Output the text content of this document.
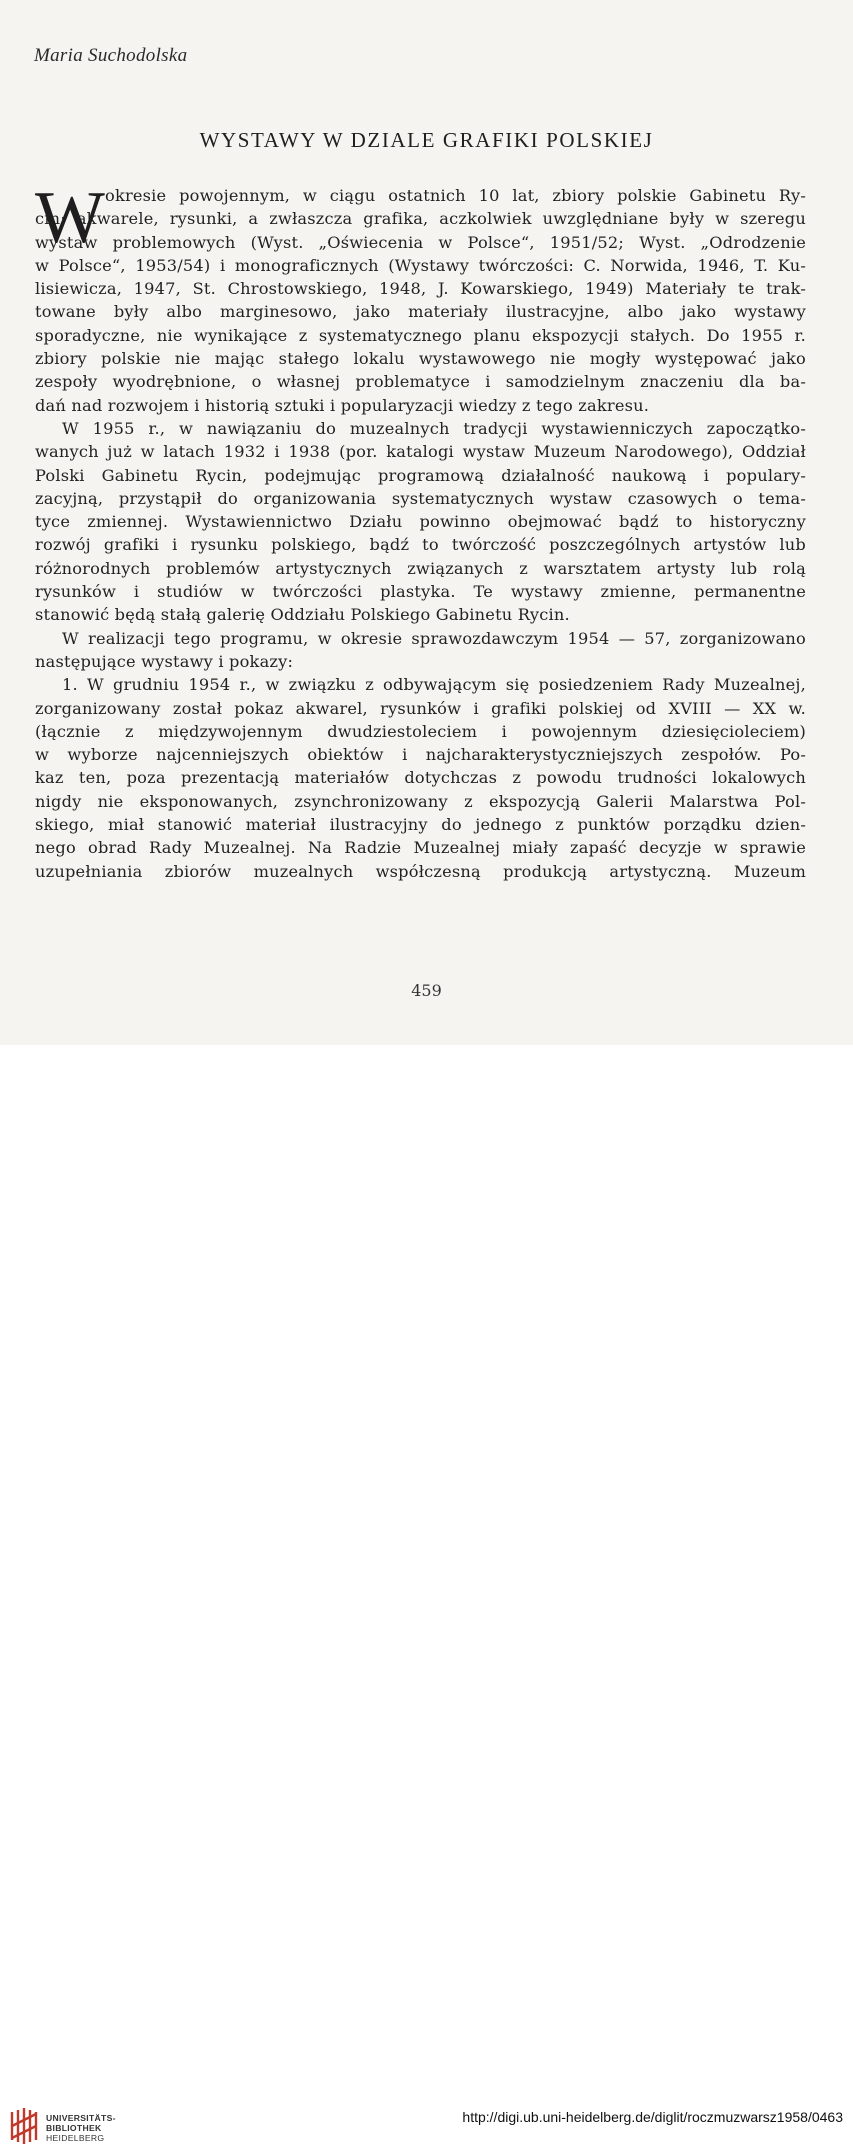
Maria Suchodolska
WYSTAWY W DZIALE GRAFIKI POLSKIEJ
W okresie powojennym, w ciągu ostatnich 10 lat, zbiory polskie Gabinetu Ry-
cin: akwarele, rysunki, a zwłaszcza grafika, aczkolwiek uwzględniane były w szeregu
wystaw problemowych (Wyst. „Oświecenia w Polsce“, 1951/52; Wyst. „Odrodzenie
w Polsce“, 1953/54) i monograficznych (Wystawy twórczości: C. Norwida, 1946, T. Ku-
lisiewicza, 1947, St. Chrostowskiego, 1948, J. Kowarskiego, 1949) Materiały te trak-
towane były albo marginesowo, jako materiały ilustracyjne, albo jako wystawy
sporadyczne, nie wynikające z systematycznego planu ekspozycji stałych. Do 1955 r.
zbiory polskie nie mając stałego lokalu wystawowego nie mogły występować jako
zespoły wyodrębnione, o własnej problematyce i samodzielnym znaczeniu dla ba-
dań nad rozwojem i historią sztuki i popularyzacji wiedzy z tego zakresu.
W 1955 r., w nawiązaniu do muzealnych tradycji wystawienniczych zapoczątko-
wanych już w latach 1932 i 1938 (por. katalogi wystaw Muzeum Narodowego), Oddział
Polski Gabinetu Rycin, podejmując programową działalność naukową i populary-
zacyjną, przystąpił do organizowania systematycznych wystaw czasowych o tema-
tyce zmiennej. Wystawiennictwo Działu powinno obejmować bądź to historyczny
rozwój grafiki i rysunku polskiego, bądź to twórczość poszczególnych artystów lub
różnorodnych problemów artystycznych związanych z warsztatem artysty lub rolą
rysunków i studiów w twórczości plastyka. Te wystawy zmienne, permanentne
stanowić będą stałą galerię Oddziału Polskiego Gabinetu Rycin.
W realizacji tego programu, w okresie sprawozdawczym 1954 — 57, zorganizowano
następujące wystawy i pokazy:
1. W grudniu 1954 r., w związku z odbywającym się posiedzeniem Rady Muzealnej,
zorganizowany został pokaz akwarel, rysunków i grafiki polskiej od XVIII — XX w.
(łącznie z międzywojennym dwudziestoleciem i powojennym dziesięcioleciem)
w wyborze najcenniejszych obiektów i najcharakterystyczniejszych zespołów. Po-
kaz ten, poza prezentacją materiałów dotychczas z powodu trudności lokalowych
nigdy nie eksponowanych, zsynchronizowany z ekspozycją Galerii Malarstwa Pol-
skiego, miał stanowić materiał ilustracyjny do jednego z punktów porządku dzien-
nego obrad Rady Muzealnej. Na Radzie Muzealnej miały zapaść decyzje w sprawie
uzupełniania zbiorów muzealnych współczesną produkcją artystyczną. Muzeum
459
UNIVERSITÄTS-
BIBLIOTHEK
HEIDELBERG
http://digi.ub.uni-heidelberg.de/diglit/roczmuzwarsz1958/0463
